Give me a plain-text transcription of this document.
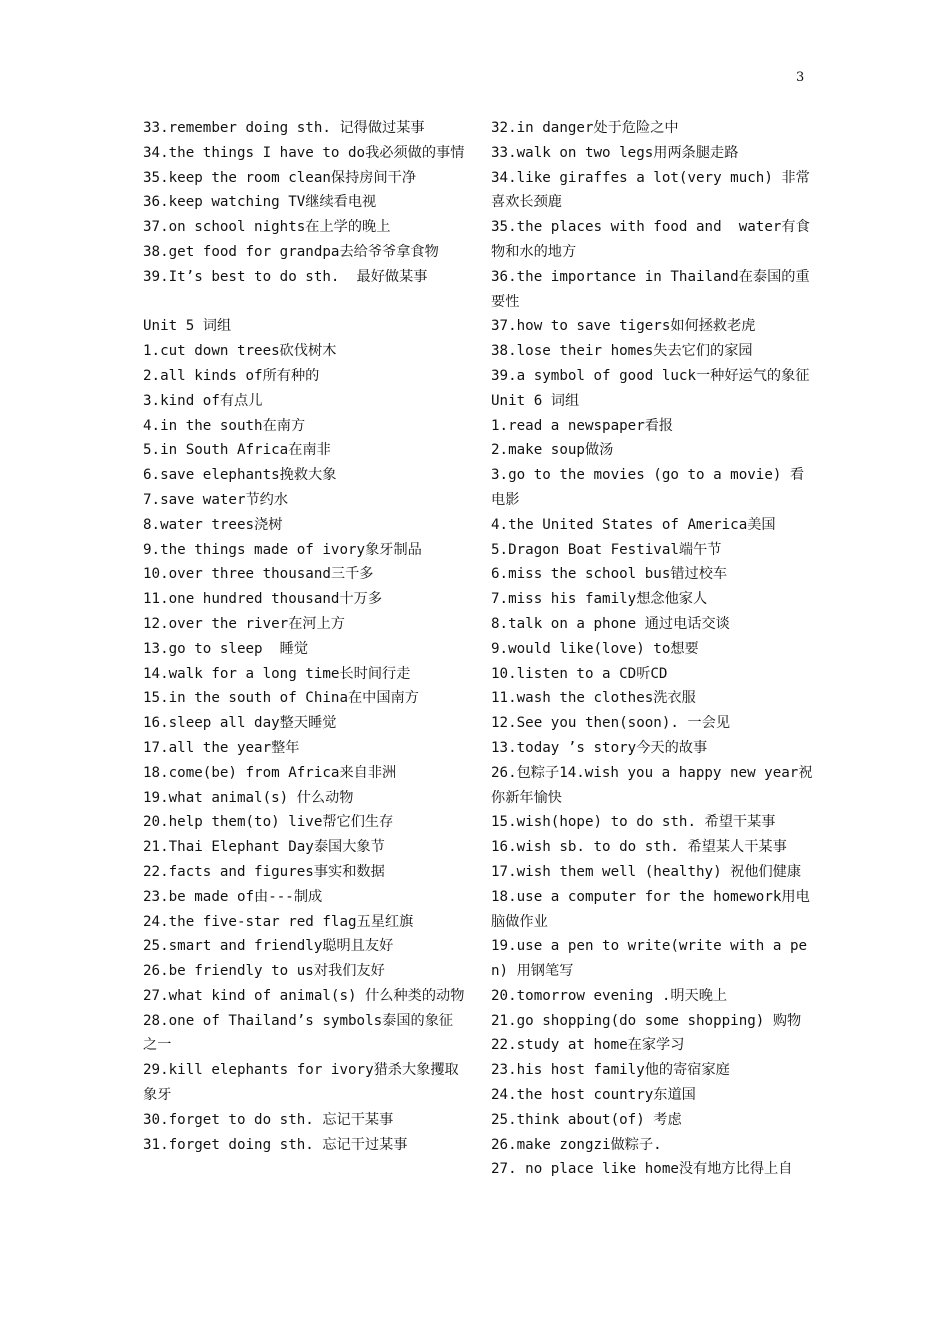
3
33.remember doing sth. 记得做过某事
34.the things I have to do我必须做的事情
35.keep the room clean保持房间干净
36.keep watching TV继续看电视
37.on school nights在上学的晚上
38.get food for grandpa去给爷爷拿食物
39.It’s best to do sth.  最好做某事
Unit 5 词组
1.cut down trees砍伐树木
2.all kinds of所有种的
3.kind of有点儿
4.in the south在南方
5.in South Africa在南非
6.save elephants挽救大象
7.save water节约水
8.water trees浇树
9.the things made of ivory象牙制品
10.over three thousand三千多
11.one hundred thousand十万多
12.over the river在河上方
13.go to sleep  睡觉
14.walk for a long time长时间行走
15.in the south of China在中国南方
16.sleep all day整天睡觉
17.all the year整年
18.come(be) from Africa来自非洲
19.what animal(s) 什么动物
20.help them(to) live帮它们生存
21.Thai Elephant Day泰国大象节
22.facts and figures事实和数据
23.be made of由---制成
24.the five-star red flag五星红旗
25.smart and friendly聪明且友好
26.be friendly to us对我们友好
27.what kind of animal(s) 什么种类的动物
28.one of Thailand’s symbols泰国的象征之一
29.kill elephants for ivory猎杀大象攫取象牙
30.forget to do sth. 忘记干某事
31.forget doing sth. 忘记干过某事
32.in danger处于危险之中
33.walk on two legs用两条腿走路
34.like giraffes a lot(very much) 非常喜欢长颈鹿
35.the places with food and  water有食物和水的地方
36.the importance in Thailand在泰国的重要性
37.how to save tigers如何拯救老虎
38.lose their homes失去它们的家园
39.a symbol of good luck一种好运气的象征
Unit 6 词组
1.read a newspaper看报
2.make soup做汤
3.go to the movies (go to a movie) 看电影
4.the United States of America美国
5.Dragon Boat Festival端午节
6.miss the school bus错过校车
7.miss his family想念他家人
8.talk on a phone 通过电话交谈
9.would like(love) to想要
10.listen to a CD听CD
11.wash the clothes洗衣服
12.See you then(soon). 一会见
13.today ’s story今天的故事
26.包粽子14.wish you a happy new year祝你新年愉快
15.wish(hope) to do sth. 希望干某事
16.wish sb. to do sth. 希望某人干某事
17.wish them well (healthy) 祝他们健康
18.use a computer for the homework用电脑做作业
19.use a pen to write(write with a pen) 用钢笔写
20.tomorrow evening .明天晚上
21.go shopping(do some shopping) 购物
22.study at home在家学习
23.his host family他的寄宿家庭
24.the host country东道国
25.think about(of) 考虑
26.make zongzi做粽子.
27. no place like home没有地方比得上自
